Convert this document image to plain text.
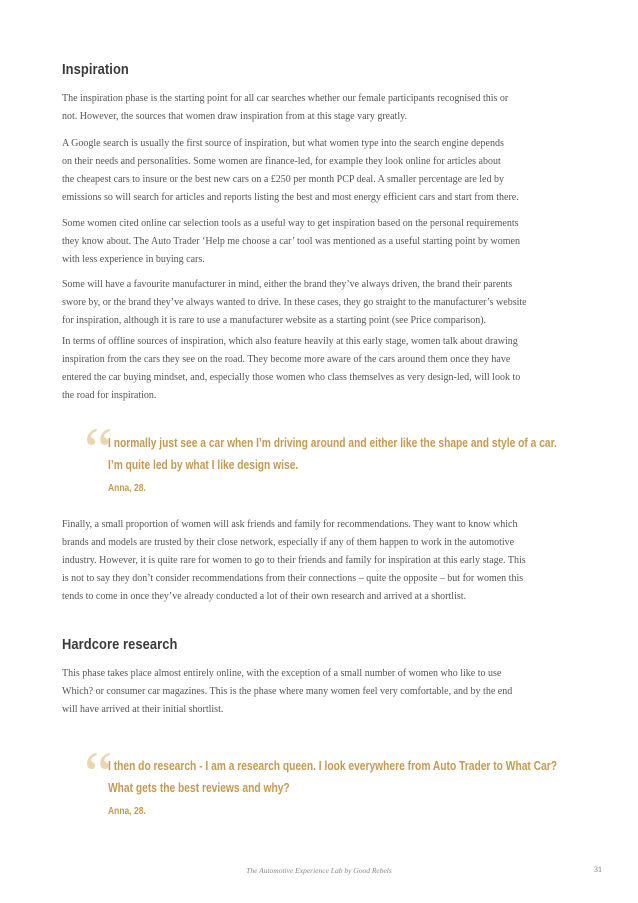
Inspiration

The inspiration phase is the starting point for all car searches whether our female participants recognised this or
not. However, the sources that women draw inspiration from at this stage vary greatly.

A Google search is usually the first source of inspiration, but what women type into the search engine depends
on their needs and personalities. Some women are finance-led, for example they look online for articles about
the cheapest cars to insure or the best new cars on a £250 per month PCP deal. A smaller percentage are led by
emissions so will search for articles and reports listing the best and most energy efficient cars and start from there.

Some women cited online car selection tools as a useful way to get inspiration based on the personal requirements
they know about. The Auto Trader ‘Help me choose a car’ tool was mentioned as a useful starting point by women
with less experience in buying cars.

Some will have a favourite manufacturer in mind, either the brand they’ve always driven, the brand their parents
swore by, or the brand they’ve always wanted to drive. In these cases, they go straight to the manufacturer’s website
for inspiration, although it is rare to use a manufacturer website as a starting point (see Price comparison).

In terms of offline sources of inspiration, which also feature heavily at this early stage, women talk about drawing
inspiration from the cars they see on the road. They become more aware of the cars around them once they have
entered the car buying mindset, and, especially those women who class themselves as very design-led, will look to
the road for inspiration.

“

I normally just see a car when I’m driving around and either like the shape and style of a car.
I’m quite led by what I like design wise.

Anna, 28.

Finally, a small proportion of women will ask friends and family for recommendations. They want to know which
brands and models are trusted by their close network, especially if any of them happen to work in the automotive
industry. However, it is quite rare for women to go to their friends and family for inspiration at this early stage. This
is not to say they don’t consider recommendations from their connections – quite the opposite – but for women this
tends to come in once they’ve already conducted a lot of their own research and arrived at a shortlist.

Hardcore research

This phase takes place almost entirely online, with the exception of a small number of women who like to use
Which? or consumer car magazines. This is the phase where many women feel very comfortable, and by the end
will have arrived at their initial shortlist.

“

I then do research - I am a research queen. I look everywhere from Auto Trader to What Car?
What gets the best reviews and why?

Anna, 28.

The Automotive Experience Lab by Good Rebels	31
